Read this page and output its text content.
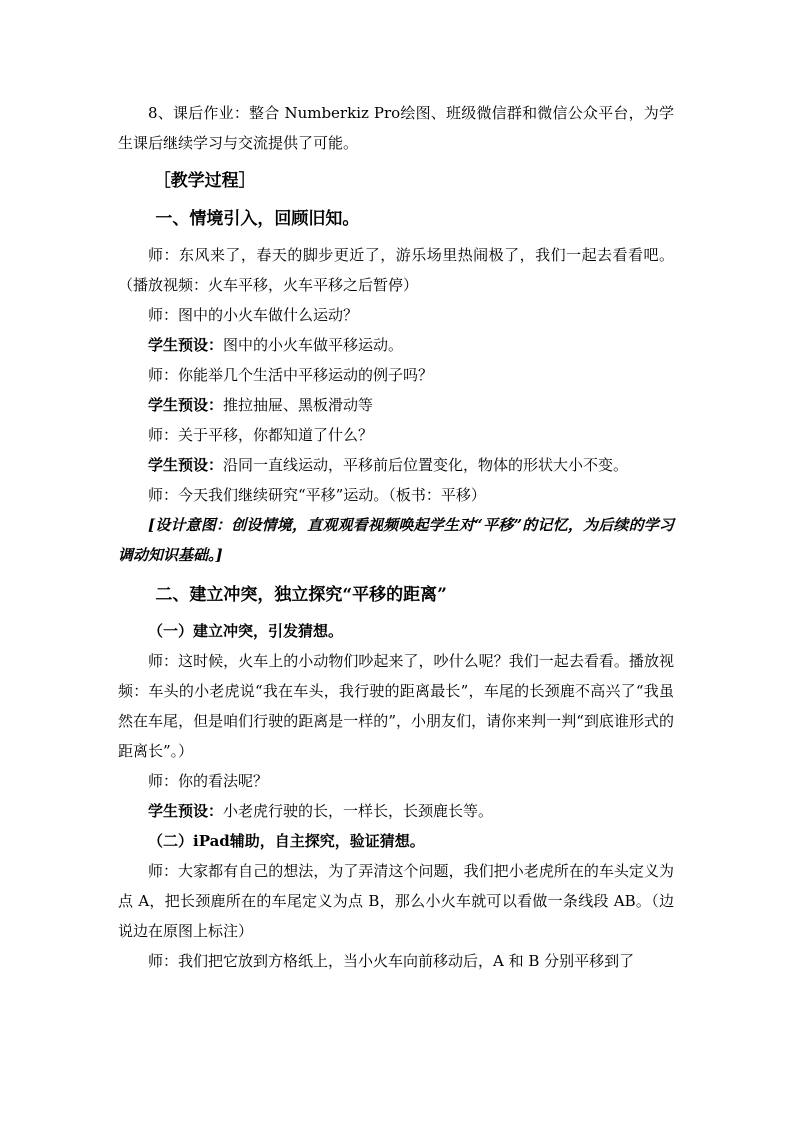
8、课后作业：整合 Numberkiz Pro绘图、班级微信群和微信公众平台，为学生课后继续学习与交流提供了可能。

［教学过程］

一、情境引入，回顾旧知。

师：东风来了，春天的脚步更近了，游乐场里热闹极了，我们一起去看看吧。（播放视频：火车平移，火车平移之后暂停）

师：图中的小火车做什么运动？

学生预设：图中的小火车做平移运动。

师：你能举几个生活中平移运动的例子吗？

学生预设：推拉抽屉、黑板滑动等

师：关于平移，你都知道了什么？

学生预设：沿同一直线运动，平移前后位置变化，物体的形状大小不变。

师：今天我们继续研究“平移”运动。（板书：平移）

[设计意图：创设情境，直观观看视频唤起学生对“平移”的记忆，为后续的学习调动知识基础。]

二、建立冲突，独立探究“平移的距离”

（一）建立冲突，引发猜想。

师：这时候，火车上的小动物们吵起来了，吵什么呢？我们一起去看看。播放视频：车头的小老虎说“我在车头，我行驶的距离最长”，车尾的长颈鹿不高兴了“我虽然在车尾，但是咱们行驶的距离是一样的”，小朋友们，请你来判一判“到底谁形式的距离长”。）

师：你的看法呢？

学生预设：小老虎行驶的长，一样长，长颈鹿长等。

（二）iPad辅助，自主探究，验证猜想。

师：大家都有自己的想法，为了弄清这个问题，我们把小老虎所在的车头定义为点 A，把长颈鹿所在的车尾定义为点 B，那么小火车就可以看做一条线段 AB。（边说边在原图上标注）

师：我们把它放到方格纸上，当小火车向前移动后，A 和 B 分别平移到了
